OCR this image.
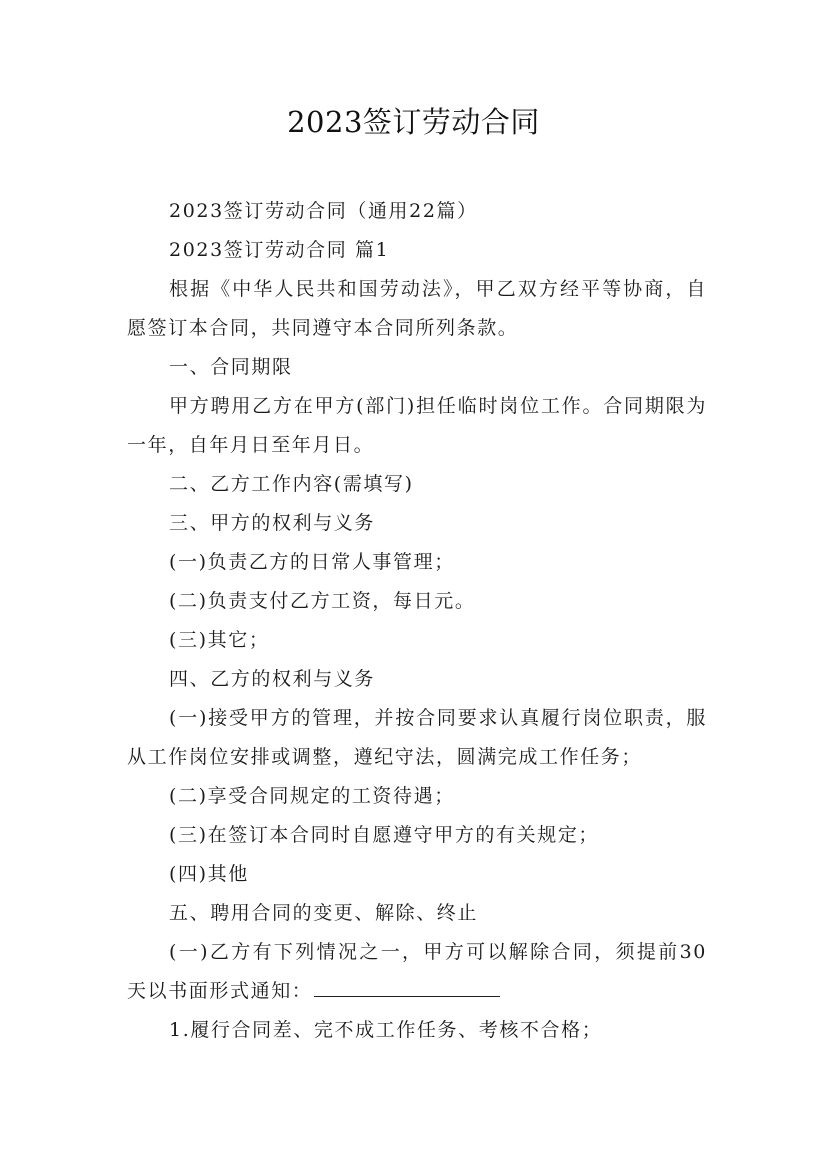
2023签订劳动合同

2023签订劳动合同（通用22篇）

2023签订劳动合同 篇1

根据《中华人民共和国劳动法》，甲乙双方经平等协商，自愿签订本合同，共同遵守本合同所列条款。

一、合同期限

甲方聘用乙方在甲方(部门)担任临时岗位工作。合同期限为一年，自年月日至年月日。

二、乙方工作内容(需填写)

三、甲方的权利与义务

(一)负责乙方的日常人事管理；

(二)负责支付乙方工资，每日元。

(三)其它；

四、乙方的权利与义务

(一)接受甲方的管理，并按合同要求认真履行岗位职责，服从工作岗位安排或调整，遵纪守法，圆满完成工作任务；

(二)享受合同规定的工资待遇；

(三)在签订本合同时自愿遵守甲方的有关规定；

(四)其他

五、聘用合同的变更、解除、终止

(一)乙方有下列情况之一，甲方可以解除合同，须提前30天以书面形式通知：

1.履行合同差、完不成工作任务、考核不合格；
